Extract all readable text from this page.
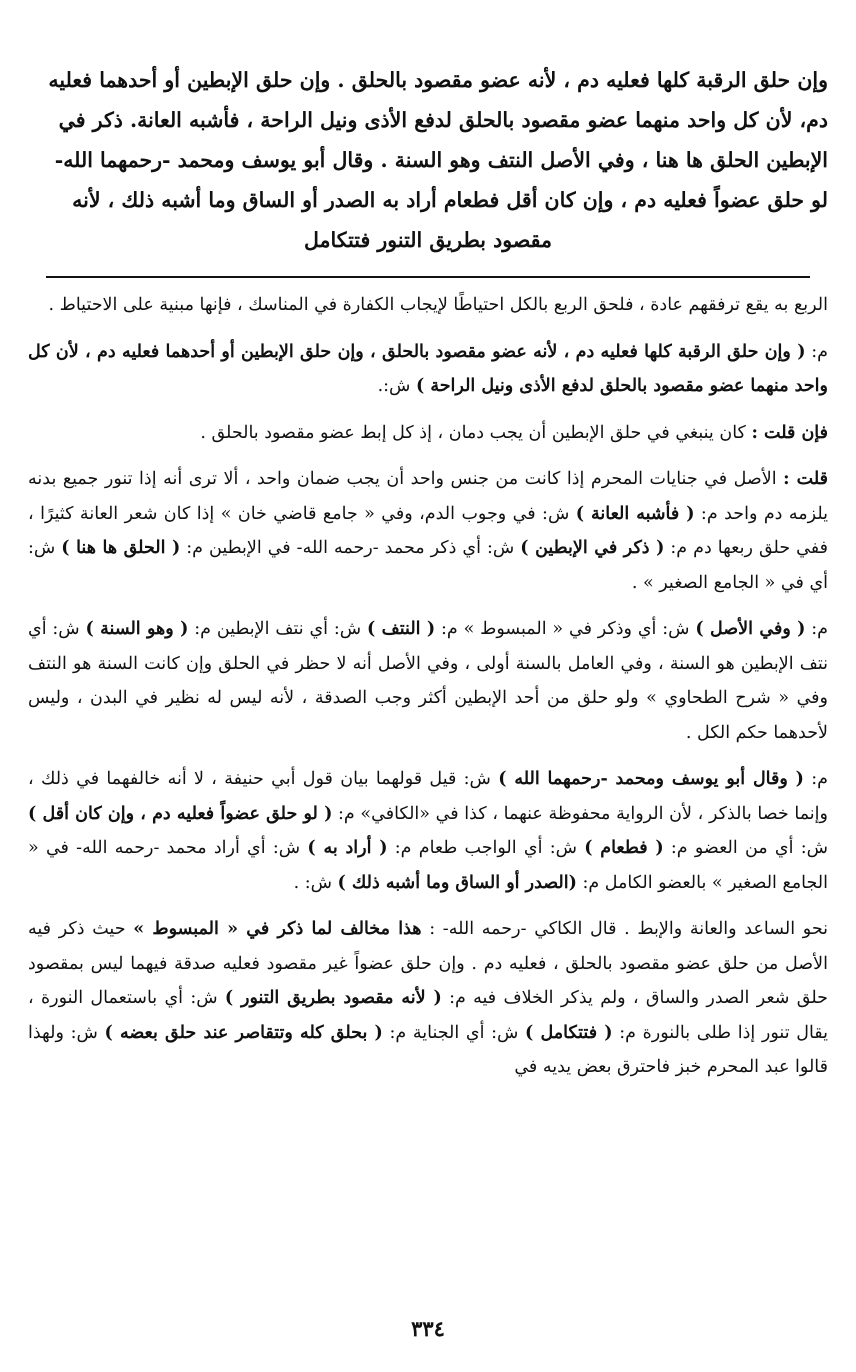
وإن حلق الرقبة كلها فعليه دم ، لأنه عضو مقصود بالحلق . وإن حلق الإبطين أو أحدهما فعليه

دم، لأن كل واحد منهما عضو مقصود بالحلق لدفع الأذى ونيل الراحة ، فأشبه العانة. ذكر في

الإبطين الحلق ها هنا ، وفي الأصل النتف وهو السنة . وقال أبو يوسف ومحمد -رحمهما الله-

لو حلق عضواً فعليه دم ، وإن كان أقل فطعام أراد به الصدر أو الساق وما أشبه ذلك ، لأنه

مقصود بطريق التنور فتتكامل

الربع به يقع ترفقهم عادة ، فلحق الربع بالكل احتياطًا لإيجاب الكفارة في المناسك ، فإنها مبنية على الاحتياط .

م: ( وإن حلق الرقبة كلها فعليه دم ، لأنه عضو مقصود بالحلق ، وإن حلق الإبطين أو أحدهما فعليه دم ، لأن كل واحد منهما عضو مقصود بالحلق لدفع الأذى ونيل الراحة ) ش:.

فإن قلت : كان ينبغي في حلق الإبطين أن يجب دمان ، إذ كل إبط عضو مقصود بالحلق .

قلت : الأصل في جنايات المحرم إذا كانت من جنس واحد أن يجب ضمان واحد ، ألا ترى أنه إذا تنور جميع بدنه يلزمه دم واحد م: ( فأشبه العانة ) ش: في وجوب الدم، وفي « جامع قاضي خان » إذا كان شعر العانة كثيرًا ، ففي حلق ربعها دم م: ( ذكر في الإبطين ) ش: أي ذكر محمد -رحمه الله- في الإبطين م: ( الحلق ها هنا ) ش: أي في « الجامع الصغير » .

م: ( وفي الأصل ) ش: أي وذكر في « المبسوط » م: ( النتف ) ش: أي نتف الإبطين م: ( وهو السنة ) ش: أي نتف الإبطين هو السنة ، وفي العامل بالسنة أولى ، وفي الأصل أنه لا حظر في الحلق وإن كانت السنة هو النتف وفي « شرح الطحاوي » ولو حلق من أحد الإبطين أكثر وجب الصدقة ، لأنه ليس له نظير في البدن ، وليس لأحدهما حكم الكل .

م: ( وقال أبو يوسف ومحمد -رحمهما الله ) ش: قيل قولهما بيان قول أبي حنيفة ، لا أنه خالفهما في ذلك ، وإنما خصا بالذكر ، لأن الرواية محفوظة عنهما ، كذا في «الكافي» م: ( لو حلق عضواً فعليه دم ، وإن كان أقل ) ش: أي من العضو م: ( فطعام ) ش: أي الواجب طعام م: ( أراد به ) ش: أي أراد محمد -رحمه الله- في « الجامع الصغير » بالعضو الكامل م: (الصدر أو الساق وما أشبه ذلك ) ش: .

نحو الساعد والعانة والإبط . قال الكاكي -رحمه الله- : هذا مخالف لما ذكر في « المبسوط » حيث ذكر فيه الأصل من حلق عضو مقصود بالحلق ، فعليه دم . وإن حلق عضواً غير مقصود فعليه صدقة فيهما ليس بمقصود حلق شعر الصدر والساق ، ولم يذكر الخلاف فيه م: ( لأنه مقصود بطريق التنور ) ش: أي باستعمال النورة ، يقال تنور إذا طلى بالنورة م: ( فتتكامل ) ش: أي الجناية م: ( بحلق كله وتتقاصر عند حلق بعضه ) ش: ولهذا قالوا عبد المحرم خبز فاحترق بعض يديه في

٣٣٤
